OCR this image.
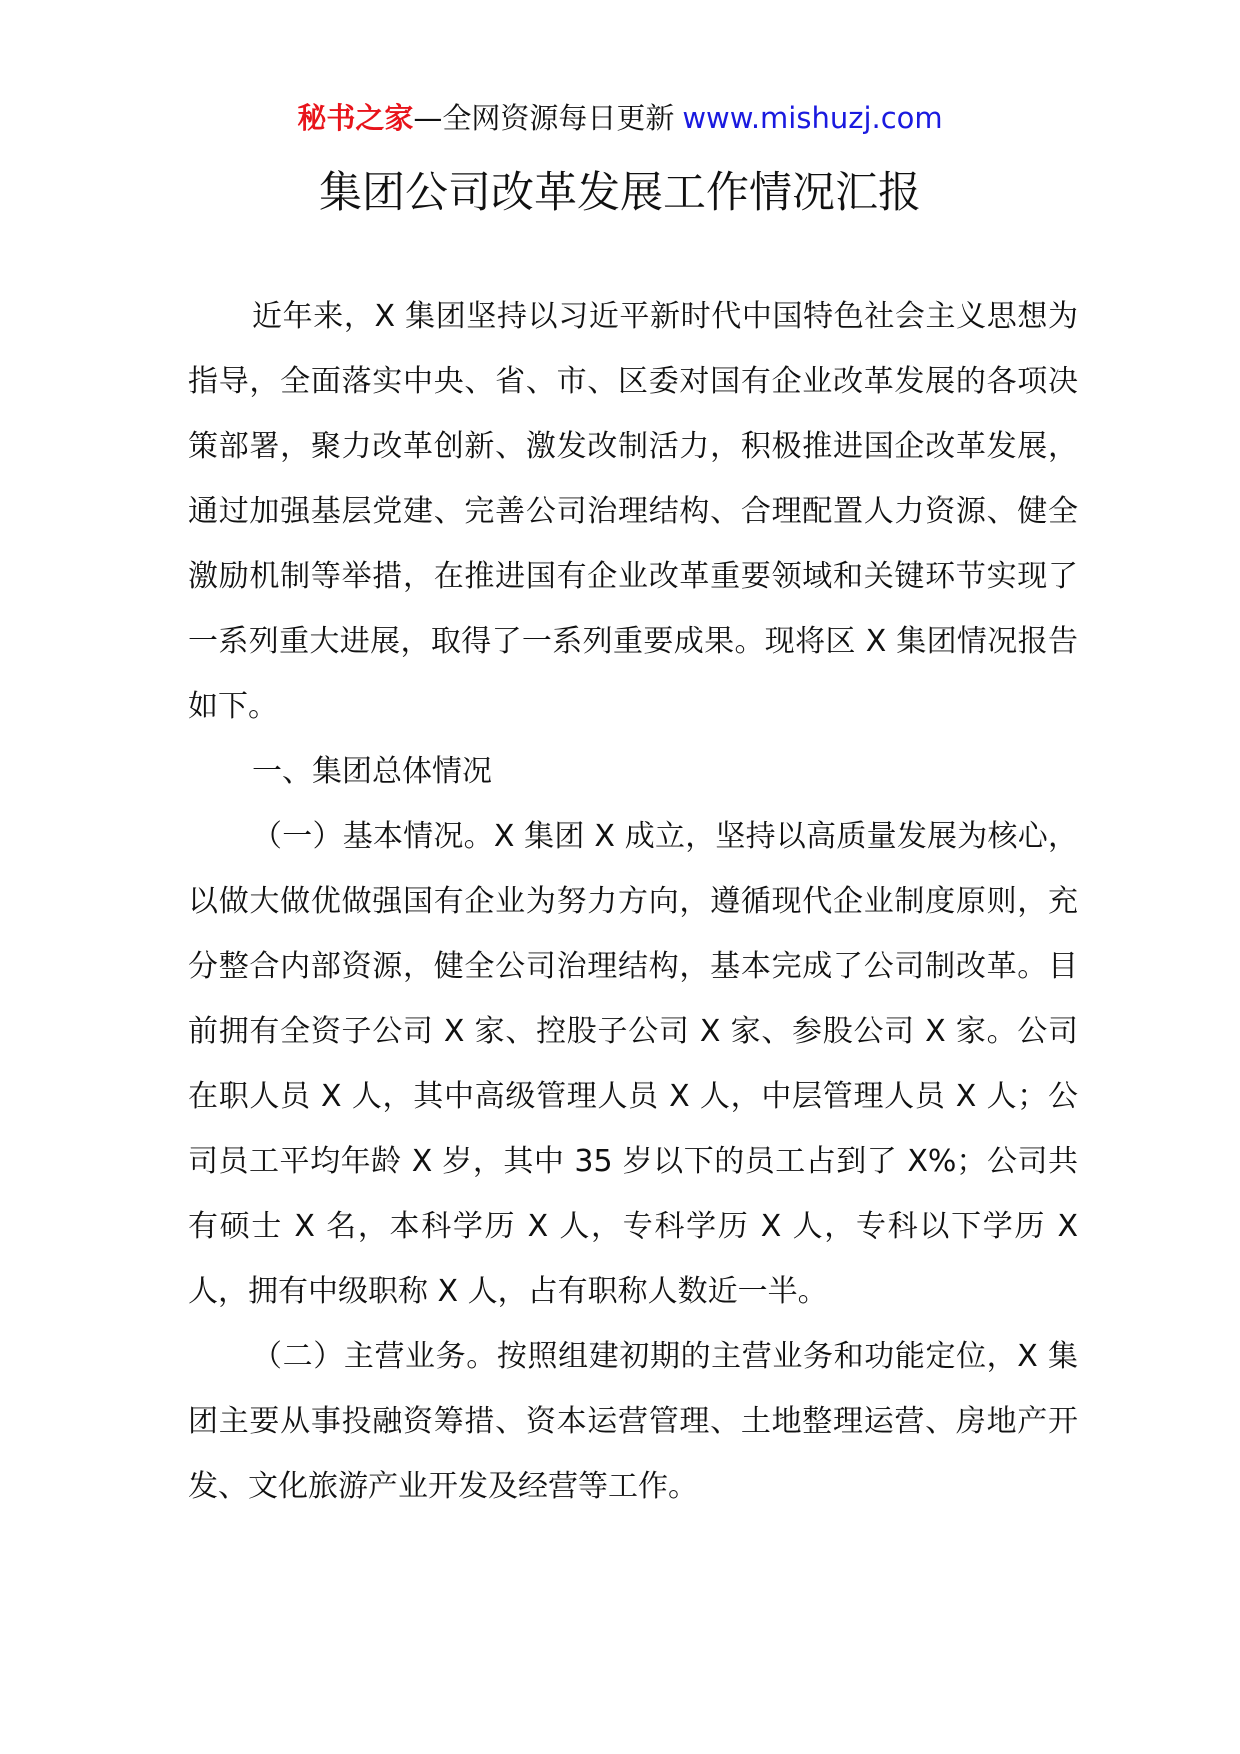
秘书之家—全网资源每日更新 www.mishuzj.com
集团公司改革发展工作情况汇报

近年来，X 集团坚持以习近平新时代中国特色社会主义思想为指导，全面落实中央、省、市、区委对国有企业改革发展的各项决策部署，聚力改革创新、激发改制活力，积极推进国企改革发展，通过加强基层党建、完善公司治理结构、合理配置人力资源、健全激励机制等举措，在推进国有企业改革重要领域和关键环节实现了一系列重大进展，取得了一系列重要成果。现将区 X 集团情况报告如下。

一、集团总体情况

（一）基本情况。X 集团 X 成立，坚持以高质量发展为核心，以做大做优做强国有企业为努力方向，遵循现代企业制度原则，充分整合内部资源，健全公司治理结构，基本完成了公司制改革。目前拥有全资子公司 X 家、控股子公司 X 家、参股公司 X 家。公司在职人员 X 人，其中高级管理人员 X 人，中层管理人员 X 人；公司员工平均年龄 X 岁，其中 35 岁以下的员工占到了 X%；公司共有硕士 X 名，本科学历 X 人，专科学历 X 人，专科以下学历 X 人，拥有中级职称 X 人，占有职称人数近一半。

（二）主营业务。按照组建初期的主营业务和功能定位，X 集团主要从事投融资筹措、资本运营管理、土地整理运营、房地产开发、文化旅游产业开发及经营等工作。
